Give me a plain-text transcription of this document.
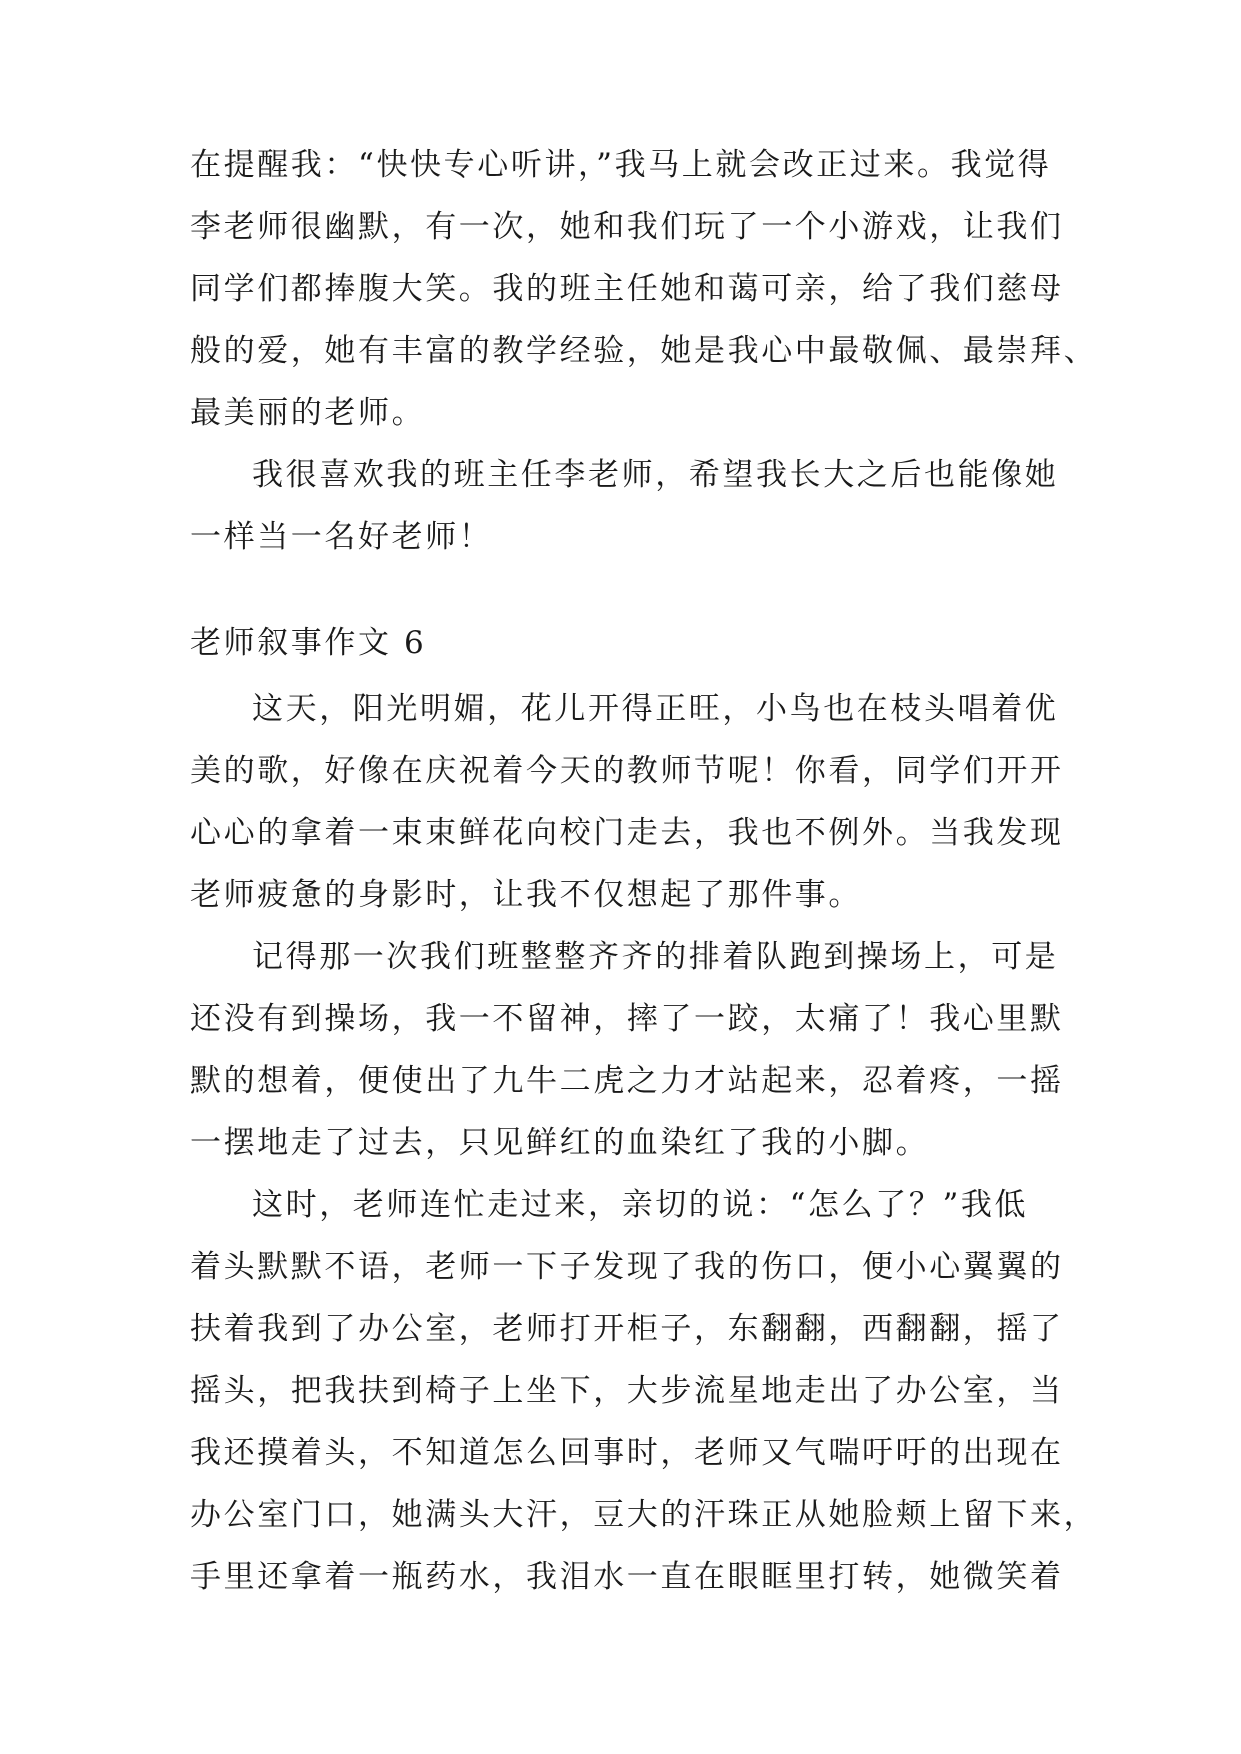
在提醒我：“快快专心听讲，”我马上就会改正过来。我觉得
李老师很幽默，有一次，她和我们玩了一个小游戏，让我们
同学们都捧腹大笑。我的班主任她和蔼可亲，给了我们慈母
般的爱，她有丰富的教学经验，她是我心中最敬佩、最崇拜、
最美丽的老师。
我很喜欢我的班主任李老师，希望我长大之后也能像她
一样当一名好老师！
老师叙事作文 6
这天，阳光明媚，花儿开得正旺，小鸟也在枝头唱着优
美的歌，好像在庆祝着今天的教师节呢！你看，同学们开开
心心的拿着一束束鲜花向校门走去，我也不例外。当我发现
老师疲惫的身影时，让我不仅想起了那件事。
记得那一次我们班整整齐齐的排着队跑到操场上，可是
还没有到操场，我一不留神，摔了一跤，太痛了！我心里默
默的想着，便使出了九牛二虎之力才站起来，忍着疼，一摇
一摆地走了过去，只见鲜红的血染红了我的小脚。
这时，老师连忙走过来，亲切的说：“怎么了？”我低
着头默默不语，老师一下子发现了我的伤口，便小心翼翼的
扶着我到了办公室，老师打开柜子，东翻翻，西翻翻，摇了
摇头，把我扶到椅子上坐下，大步流星地走出了办公室，当
我还摸着头，不知道怎么回事时，老师又气喘吁吁的出现在
办公室门口，她满头大汗，豆大的汗珠正从她脸颊上留下来，
手里还拿着一瓶药水，我泪水一直在眼眶里打转，她微笑着
